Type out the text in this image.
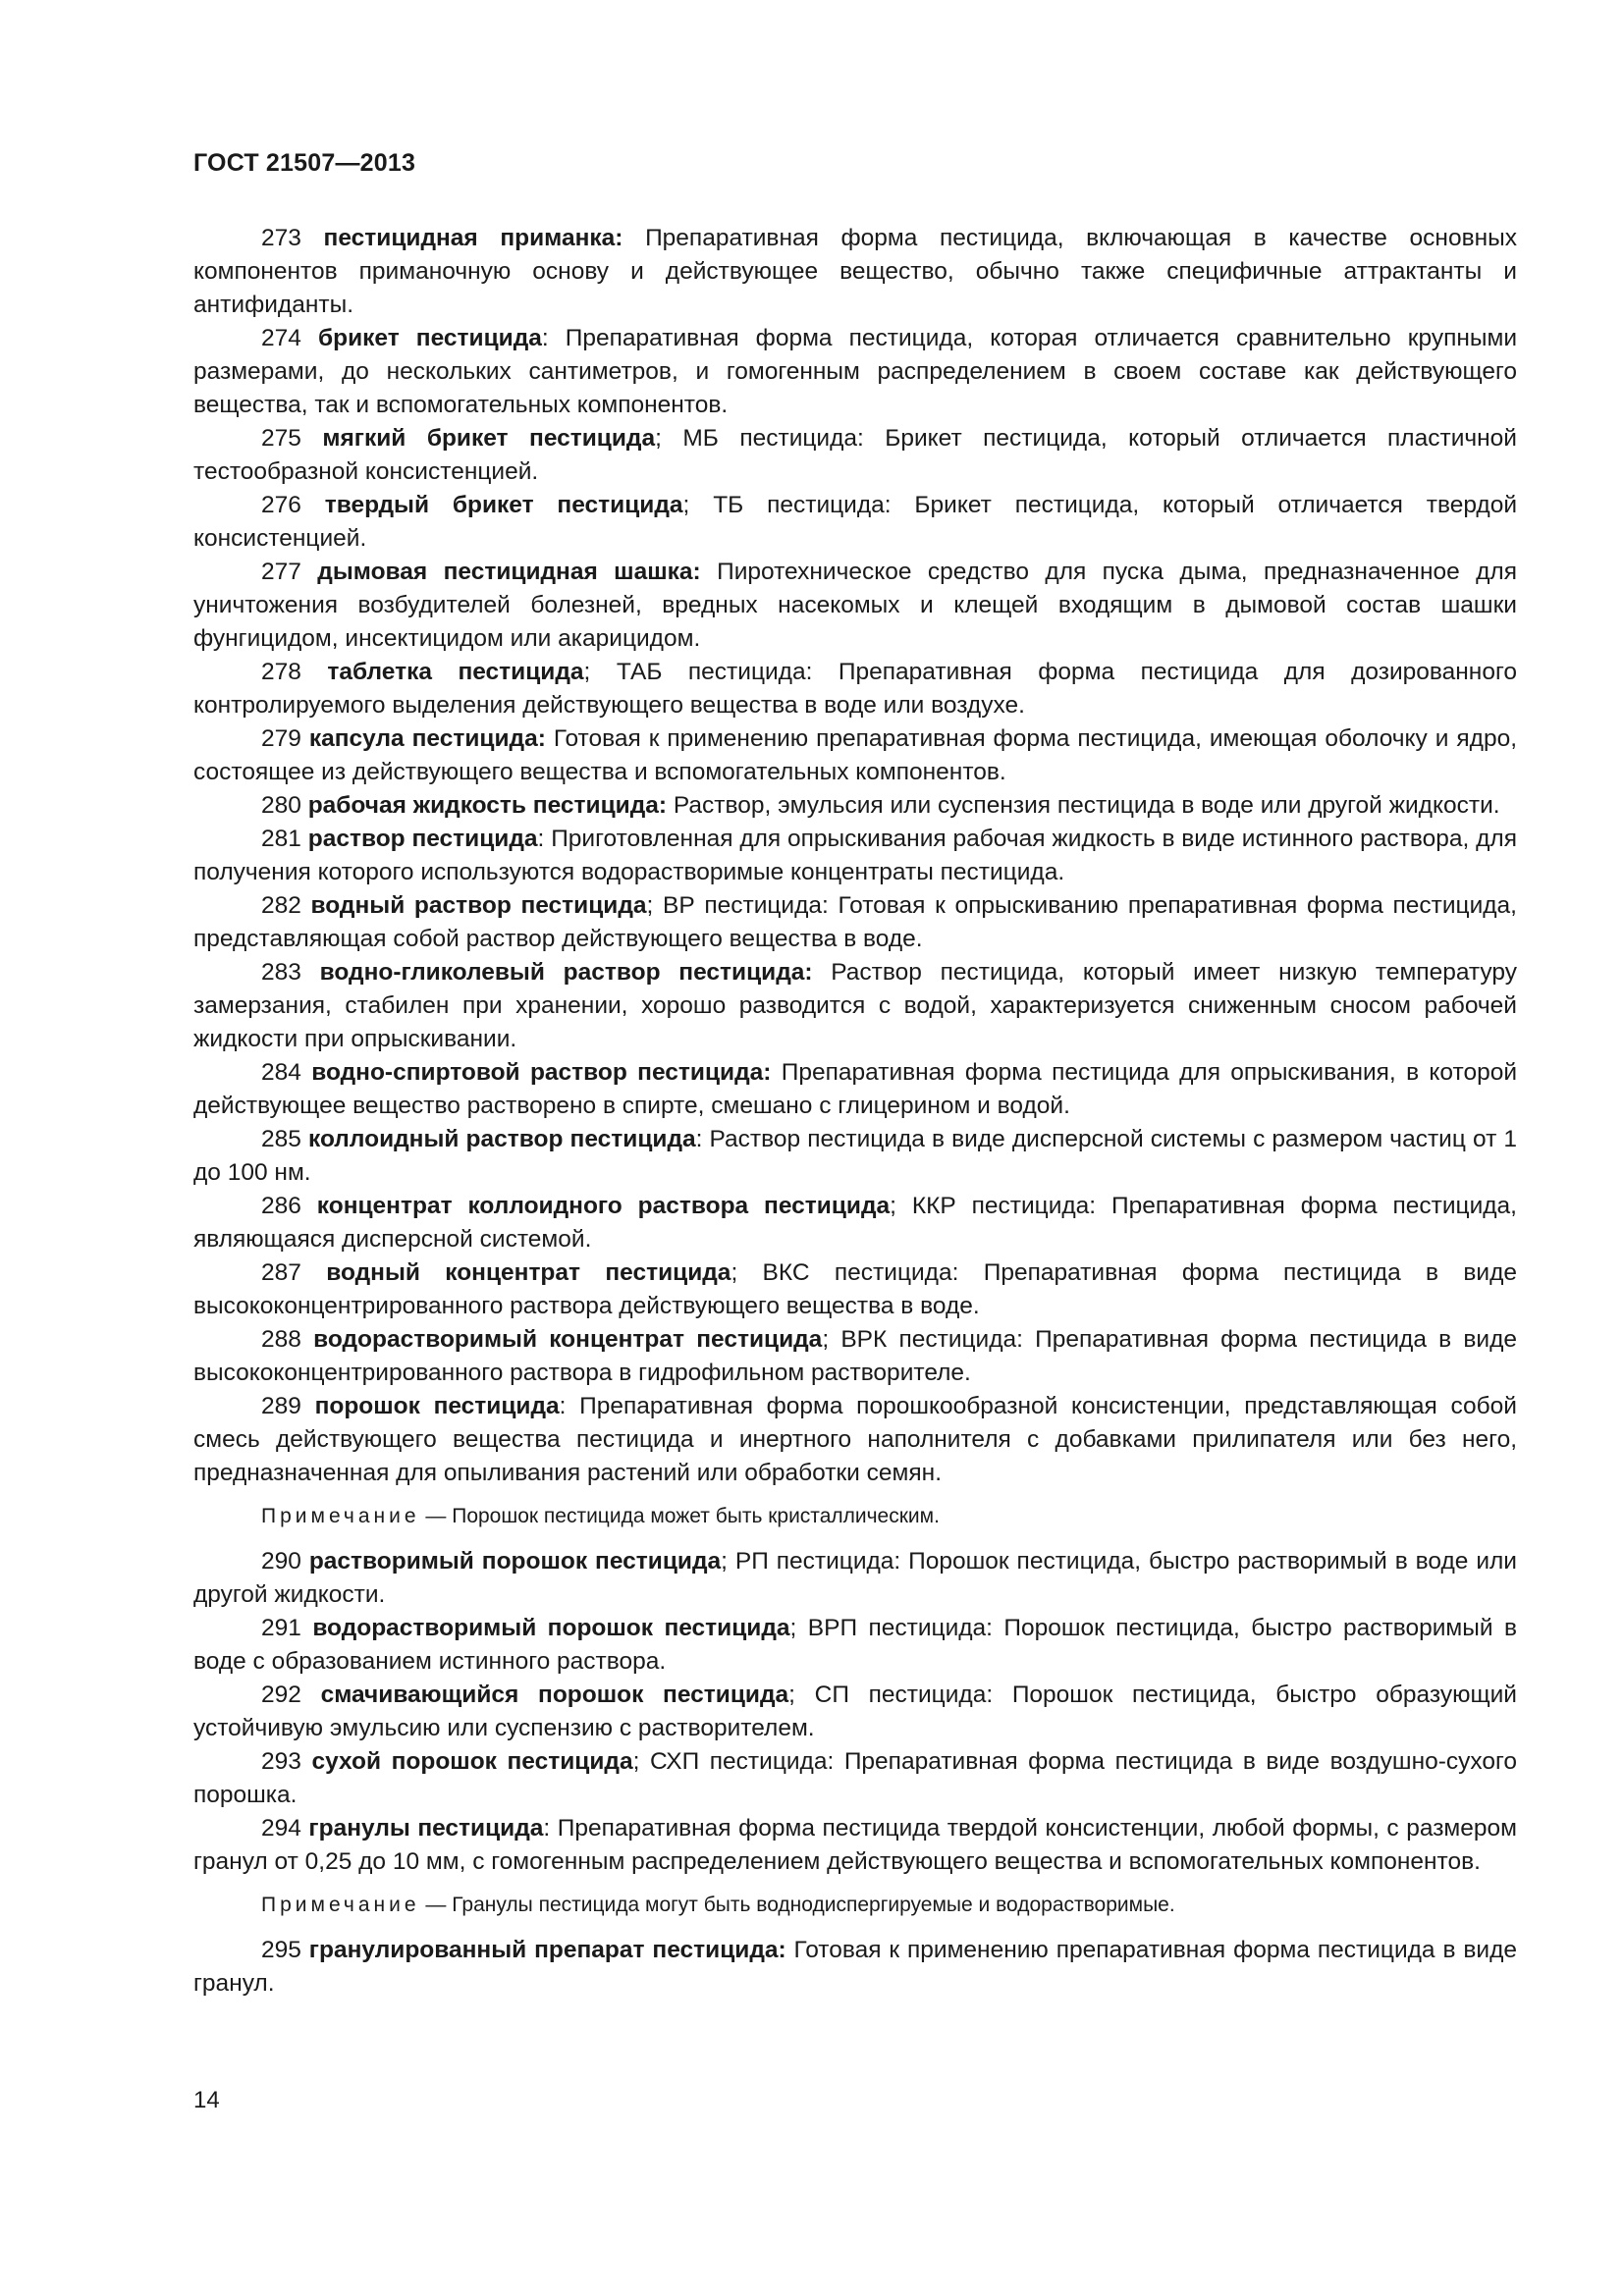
ГОСТ 21507—2013

273 пестицидная приманка: Препаративная форма пестицида, включающая в качестве основных компонентов приманочную основу и действующее вещество, обычно также специфичные аттрактанты и антифиданты.

274 брикет пестицида: Препаративная форма пестицида, которая отличается сравнительно крупными размерами, до нескольких сантиметров, и гомогенным распределением в своем составе как действующего вещества, так и вспомогательных компонентов.

275 мягкий брикет пестицида; МБ пестицида: Брикет пестицида, который отличается пластичной тестообразной консистенцией.

276 твердый брикет пестицида; ТБ пестицида: Брикет пестицида, который отличается твердой консистенцией.

277 дымовая пестицидная шашка: Пиротехническое средство для пуска дыма, предназначенное для уничтожения возбудителей болезней, вредных насекомых и клещей входящим в дымовой состав шашки фунгицидом, инсектицидом или акарицидом.

278 таблетка пестицида; ТАБ пестицида: Препаративная форма пестицида для дозированного контролируемого выделения действующего вещества в воде или воздухе.

279 капсула пестицида: Готовая к применению препаративная форма пестицида, имеющая оболочку и ядро, состоящее из действующего вещества и вспомогательных компонентов.

280 рабочая жидкость пестицида: Раствор, эмульсия или суспензия пестицида в воде или другой жидкости.

281 раствор пестицида: Приготовленная для опрыскивания рабочая жидкость в виде истинного раствора, для получения которого используются водорастворимые концентраты пестицида.

282 водный раствор пестицида; ВР пестицида: Готовая к опрыскиванию препаративная форма пестицида, представляющая собой раствор действующего вещества в воде.

283 водно-гликолевый раствор пестицида: Раствор пестицида, который имеет низкую температуру замерзания, стабилен при хранении, хорошо разводится с водой, характеризуется сниженным сносом рабочей жидкости при опрыскивании.

284 водно-спиртовой раствор пестицида: Препаративная форма пестицида для опрыскивания, в которой действующее вещество растворено в спирте, смешано с глицерином и водой.

285 коллоидный раствор пестицида: Раствор пестицида в виде дисперсной системы с размером частиц от 1 до 100 нм.

286 концентрат коллоидного раствора пестицида; ККР пестицида: Препаративная форма пестицида, являющаяся дисперсной системой.

287 водный концентрат пестицида; ВКС пестицида: Препаративная форма пестицида в виде высококонцентрированного раствора действующего вещества в воде.

288 водорастворимый концентрат пестицида; ВРК пестицида: Препаративная форма пестицида в виде высококонцентрированного раствора в гидрофильном растворителе.

289 порошок пестицида: Препаративная форма порошкообразной консистенции, представляющая собой смесь действующего вещества пестицида и инертного наполнителя с добавками прилипателя или без него, предназначенная для опыливания растений или обработки семян.

Примечание — Порошок пестицида может быть кристаллическим.

290 растворимый порошок пестицида; РП пестицида: Порошок пестицида, быстро растворимый в воде или другой жидкости.

291 водорастворимый порошок пестицида; ВРП пестицида: Порошок пестицида, быстро растворимый в воде с образованием истинного раствора.

292 смачивающийся порошок пестицида; СП пестицида: Порошок пестицида, быстро образующий устойчивую эмульсию или суспензию с растворителем.

293 сухой порошок пестицида; СХП пестицида: Препаративная форма пестицида в виде воздушно-сухого порошка.

294 гранулы пестицида: Препаративная форма пестицида твердой консистенции, любой формы, с размером гранул от 0,25 до 10 мм, с гомогенным распределением действующего вещества и вспомогательных компонентов.

Примечание — Гранулы пестицида могут быть воднодиспергируемые и водорастворимые.

295 гранулированный препарат пестицида: Готовая к применению препаративная форма пестицида в виде гранул.

14
